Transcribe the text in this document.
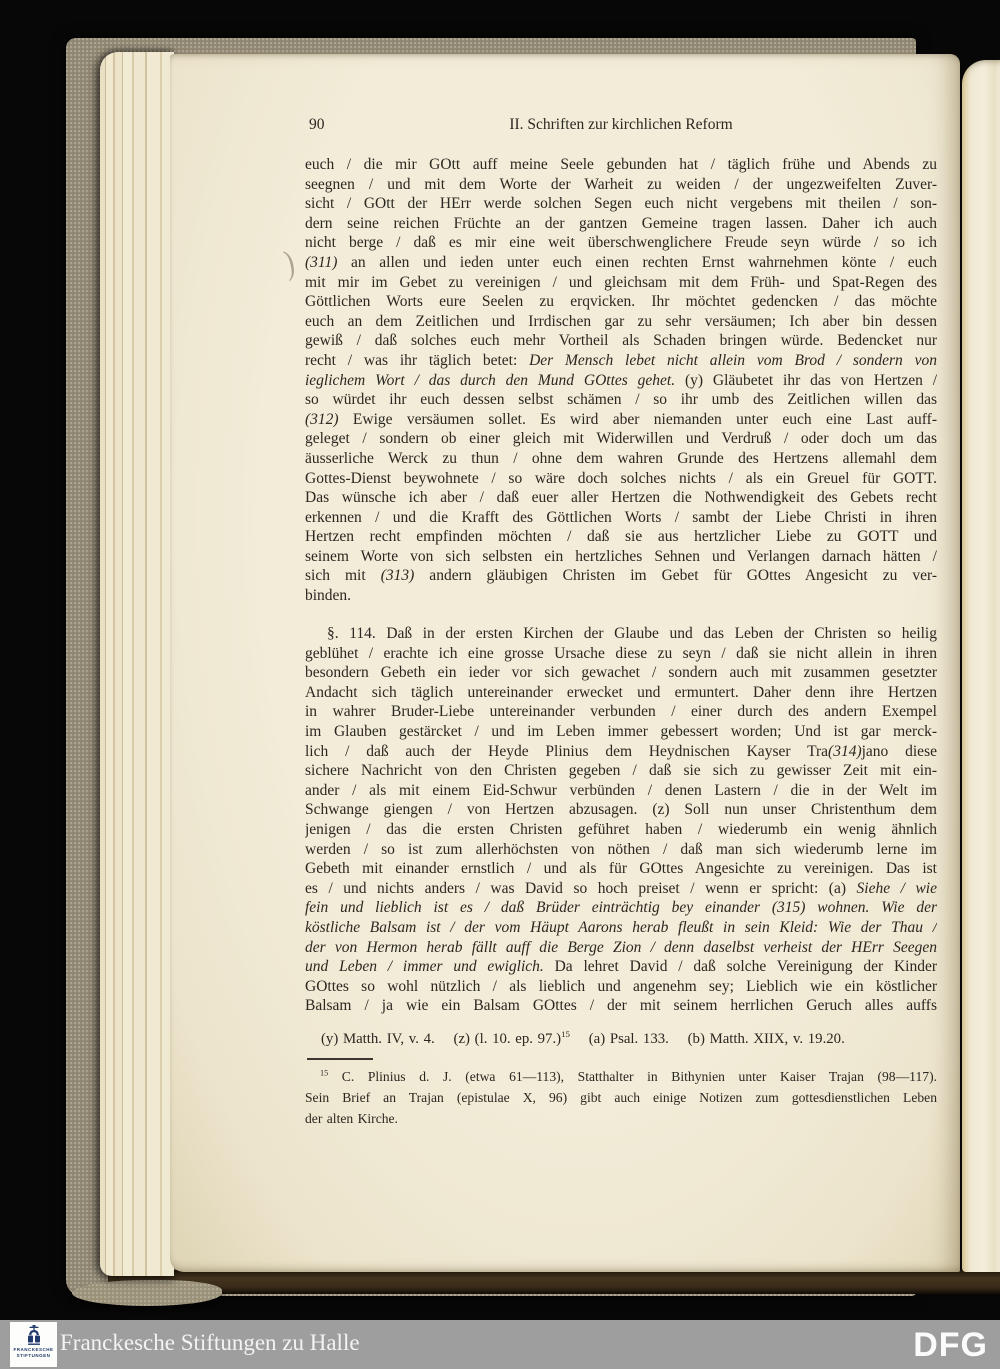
)
90	II. Schriften zur kirchlichen Reform
euch / die mir GOtt auff meine Seele gebunden hat / täglich frühe und Abends zu
seegnen / und mit dem Worte der Warheit zu weiden / der ungezweifelten Zuver-
sicht / GOtt der HErr werde solchen Segen euch nicht vergebens mit theilen / son-
dern seine reichen Früchte an der gantzen Gemeine tragen lassen. Daher ich auch
nicht berge / daß es mir eine weit überschwenglichere Freude seyn würde / so ich
(311) an allen und ieden unter euch einen rechten Ernst wahrnehmen könte / euch
mit mir im Gebet zu vereinigen / und gleichsam mit dem Früh- und Spat-Regen des
Göttlichen Worts eure Seelen zu erqvicken. Ihr möchtet gedencken / das möchte
euch an dem Zeitlichen und Irrdischen gar zu sehr versäumen; Ich aber bin dessen
gewiß / daß solches euch mehr Vortheil als Schaden bringen würde. Bedencket nur
recht / was ihr täglich betet: Der Mensch lebet nicht allein vom Brod / sondern von
ieglichem Wort / das durch den Mund GOttes gehet. (y) Gläubetet ihr das von Hertzen /
so würdet ihr euch dessen selbst schämen / so ihr umb des Zeitlichen willen das
(312) Ewige versäumen sollet. Es wird aber niemanden unter euch eine Last auff-
geleget / sondern ob einer gleich mit Widerwillen und Verdruß / oder doch um das
äusserliche Werck zu thun / ohne dem wahren Grunde des Hertzens allemahl dem
Gottes-Dienst beywohnete / so wäre doch solches nichts / als ein Greuel für GOTT.
Das wünsche ich aber / daß euer aller Hertzen die Nothwendigkeit des Gebets recht
erkennen / und die Krafft des Göttlichen Worts / sambt der Liebe Christi in ihren
Hertzen recht empfinden möchten / daß sie aus hertzlicher Liebe zu GOTT und
seinem Worte von sich selbsten ein hertzliches Sehnen und Verlangen darnach hätten /
sich mit (313) andern gläubigen Christen im Gebet für GOttes Angesicht zu ver-
binden.
§. 114. Daß in der ersten Kirchen der Glaube und das Leben der Christen so heilig
geblühet / erachte ich eine grosse Ursache diese zu seyn / daß sie nicht allein in ihren
besondern Gebeth ein ieder vor sich gewachet / sondern auch mit zusammen gesetzter
Andacht sich täglich untereinander erwecket und ermuntert. Daher denn ihre Hertzen
in wahrer Bruder-Liebe untereinander verbunden / einer durch des andern Exempel
im Glauben gestärcket / und im Leben immer gebessert worden; Und ist gar merck-
lich / daß auch der Heyde Plinius dem Heydnischen Kayser Tra(314)jano diese
sichere Nachricht von den Christen gegeben / daß sie sich zu gewisser Zeit mit ein-
ander / als mit einem Eid-Schwur verbünden / denen Lastern / die in der Welt im
Schwange giengen / von Hertzen abzusagen. (z) Soll nun unser Christenthum dem
jenigen / das die ersten Christen geführet haben / wiederumb ein wenig ähnlich
werden / so ist zum allerhöchsten von nöthen / daß man sich wiederumb lerne im
Gebeth mit einander ernstlich / und als für GOttes Angesichte zu vereinigen. Das ist
es / und nichts anders / was David so hoch preiset / wenn er spricht: (a) Siehe / wie
fein und lieblich ist es / daß Brüder einträchtig bey einander (315) wohnen. Wie der
köstliche Balsam ist / der vom Häupt Aarons herab fleußt in sein Kleid: Wie der Thau /
der von Hermon herab fällt auff die Berge Zion / denn daselbst verheist der HErr Seegen
und Leben / immer und ewiglich. Da lehret David / daß solche Vereinigung der Kinder
GOttes so wohl nützlich / als lieblich und angenehm sey; Lieblich wie ein köstlicher
Balsam / ja wie ein Balsam GOttes / der mit seinem herrlichen Geruch alles auffs
(y) Matth. IV, v. 4.    (z) (l. 10. ep. 97.)$^{15}$    (a) Psal. 133.    (b) Matth. XIIX, v. 19.20.
$^{15}$ C. Plinius d. J. (etwa 61—113), Statthalter in Bithynien unter Kaiser Trajan (98—117).
Sein Brief an Trajan (epistulae X, 96) gibt auch einige Notizen zum gottesdienstlichen Leben
der alten Kirche.
FRANCKESCHE
STIFTUNGEN Franckesche Stiftungen zu Halle	DFG
